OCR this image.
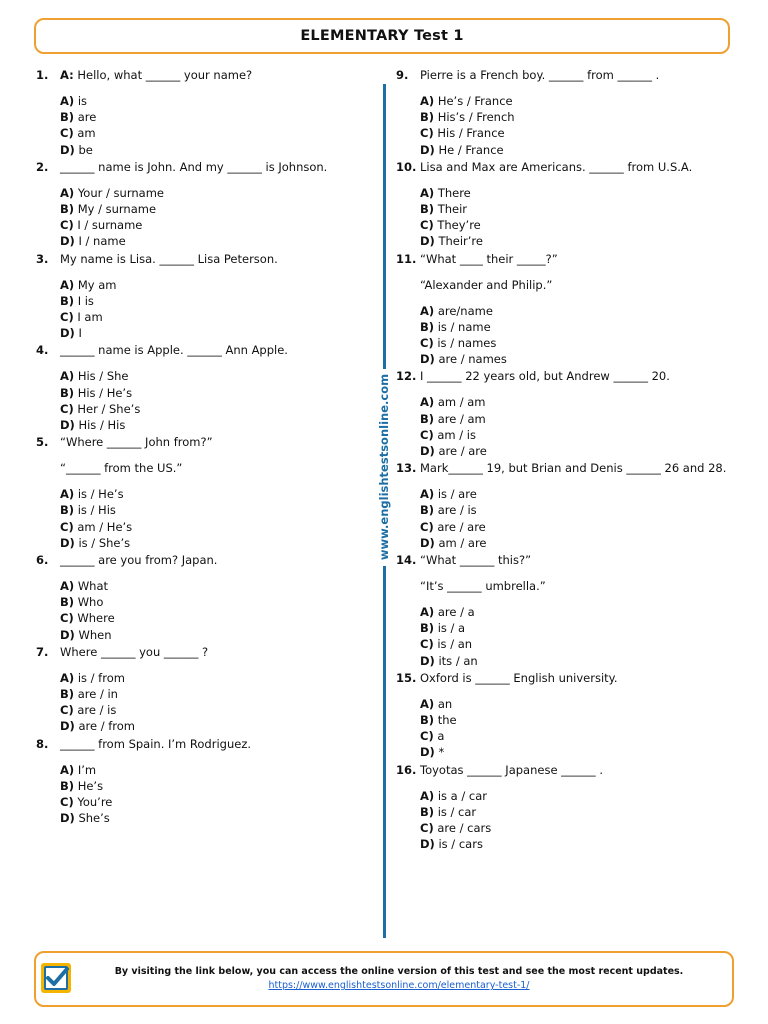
ELEMENTARY Test 1
1.	A: Hello, what ______ your name?
A) is
B) are
C) am
D) be
2.	______ name is John. And my ______ is Johnson.
A) Your / surname
B) My / surname
C) I / surname
D) I / name
3.	My name is Lisa. ______ Lisa Peterson.
A) My am
B) I is
C) I am
D) I
4.	______ name is Apple. ______ Ann Apple.
A) His / She
B) His / He’s
C) Her / She’s
D) His / His
5.	“Where ______ John from?”
“______ from the US.”
A) is / He’s
B) is / His
C) am / He’s
D) is / She’s
6.	______ are you from? Japan.
A) What
B) Who
C) Where
D) When
7.	Where ______ you ______ ?
A) is / from
B) are / in
C) are / is
D) are / from
8.	______ from Spain. I’m Rodriguez.
A) I’m
B) He’s
C) You’re
D) She’s
www.englishtestsonline.com
9.	Pierre is a French boy. ______ from ______ .
A) He’s / France
B) His’s / French
C) His / France
D) He / France
10. Lisa and Max are Americans. ______ from U.S.A.
A) There
B) Their
C) They’re
D) Their’re
11. “What ____ their _____?”
“Alexander and Philip.”
A) are/name
B) is / name
C) is / names
D) are / names
12. I ______ 22 years old, but Andrew ______ 20.
A) am / am
B) are / am
C) am / is
D) are / are
13. Mark______ 19, but Brian and Denis ______ 26 and 28.
A) is / are
B) are / is
C) are / are
D) am / are
14. “What ______ this?”
“It’s ______ umbrella.”
A) are / a
B) is / a
C) is / an
D) its / an
15. Oxford is ______ English university.
A) an
B) the
C) a
D) *
16. Toyotas ______ Japanese ______ .
A) is a / car
B) is / car
C) are / cars
D) is / cars
By visiting the link below, you can access the online version of this test and see the most recent updates.
https://www.englishtestsonline.com/elementary-test-1/
